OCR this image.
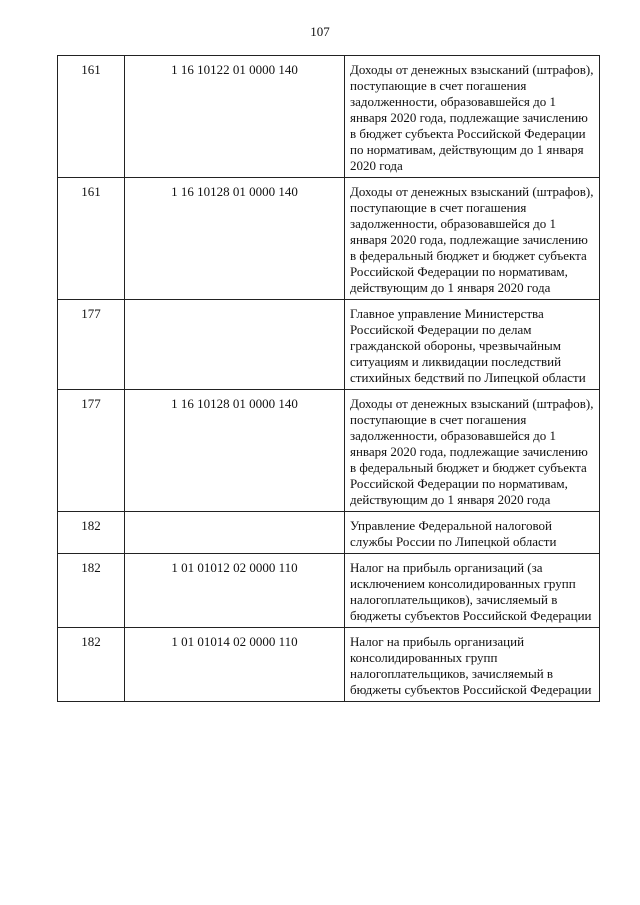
107
161	1 16 10122 01 0000 140	Доходы от денежных взысканий (штрафов), поступающие в счет погашения задолженности, образовавшейся до 1 января 2020 года, подлежащие зачислению в бюджет субъекта Российской Федерации по нормативам, действующим до 1 января 2020 года
161	1 16 10128 01 0000 140	Доходы от денежных взысканий (штрафов), поступающие в счет погашения задолженности, образовавшейся до 1 января 2020 года, подлежащие зачислению в федеральный бюджет и бюджет субъекта Российской Федерации по нормативам, действующим до 1 января 2020 года
177		Главное управление Министерства Российской Федерации по делам гражданской обороны, чрезвычайным ситуациям и ликвидации последствий стихийных бедствий по Липецкой области
177	1 16 10128 01 0000 140	Доходы от денежных взысканий (штрафов), поступающие в счет погашения задолженности, образовавшейся до 1 января 2020 года, подлежащие зачислению в федеральный бюджет и бюджет субъекта Российской Федерации по нормативам, действующим до 1 января 2020 года
182		Управление Федеральной налоговой службы России по Липецкой области
182	1 01 01012 02 0000 110	Налог на прибыль организаций (за исключением консолидированных групп налогоплательщиков), зачисляемый в бюджеты субъектов Российской Федерации
182	1 01 01014 02 0000 110	Налог на прибыль организаций консолидированных групп налогоплательщиков, зачисляемый в бюджеты субъектов Российской Федерации
